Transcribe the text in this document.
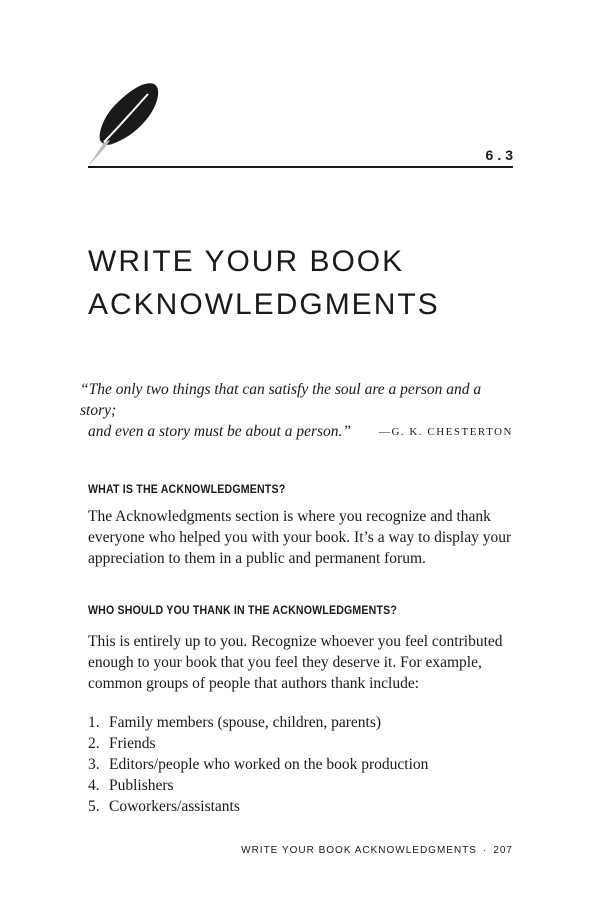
6.3
WRITE YOUR BOOK
ACKNOWLEDGMENTS
“The only two things that can satisfy the soul are a person and a story;
and even a story must be about a person.”	—G. K. CHESTERTON
WHAT IS THE ACKNOWLEDGMENTS?

The Acknowledgments section is where you recognize and thank
everyone who helped you with your book. It’s a way to display your
appreciation to them in a public and permanent forum.

WHO SHOULD YOU THANK IN THE ACKNOWLEDGMENTS?

This is entirely up to you. Recognize whoever you feel contributed
enough to your book that you feel they deserve it. For example,
common groups of people that authors thank include:

1. Family members (spouse, children, parents)
2. Friends
3. Editors/people who worked on the book production
4. Publishers
5. Coworkers/assistants
WRITE YOUR BOOK ACKNOWLEDGMENTS · 207
